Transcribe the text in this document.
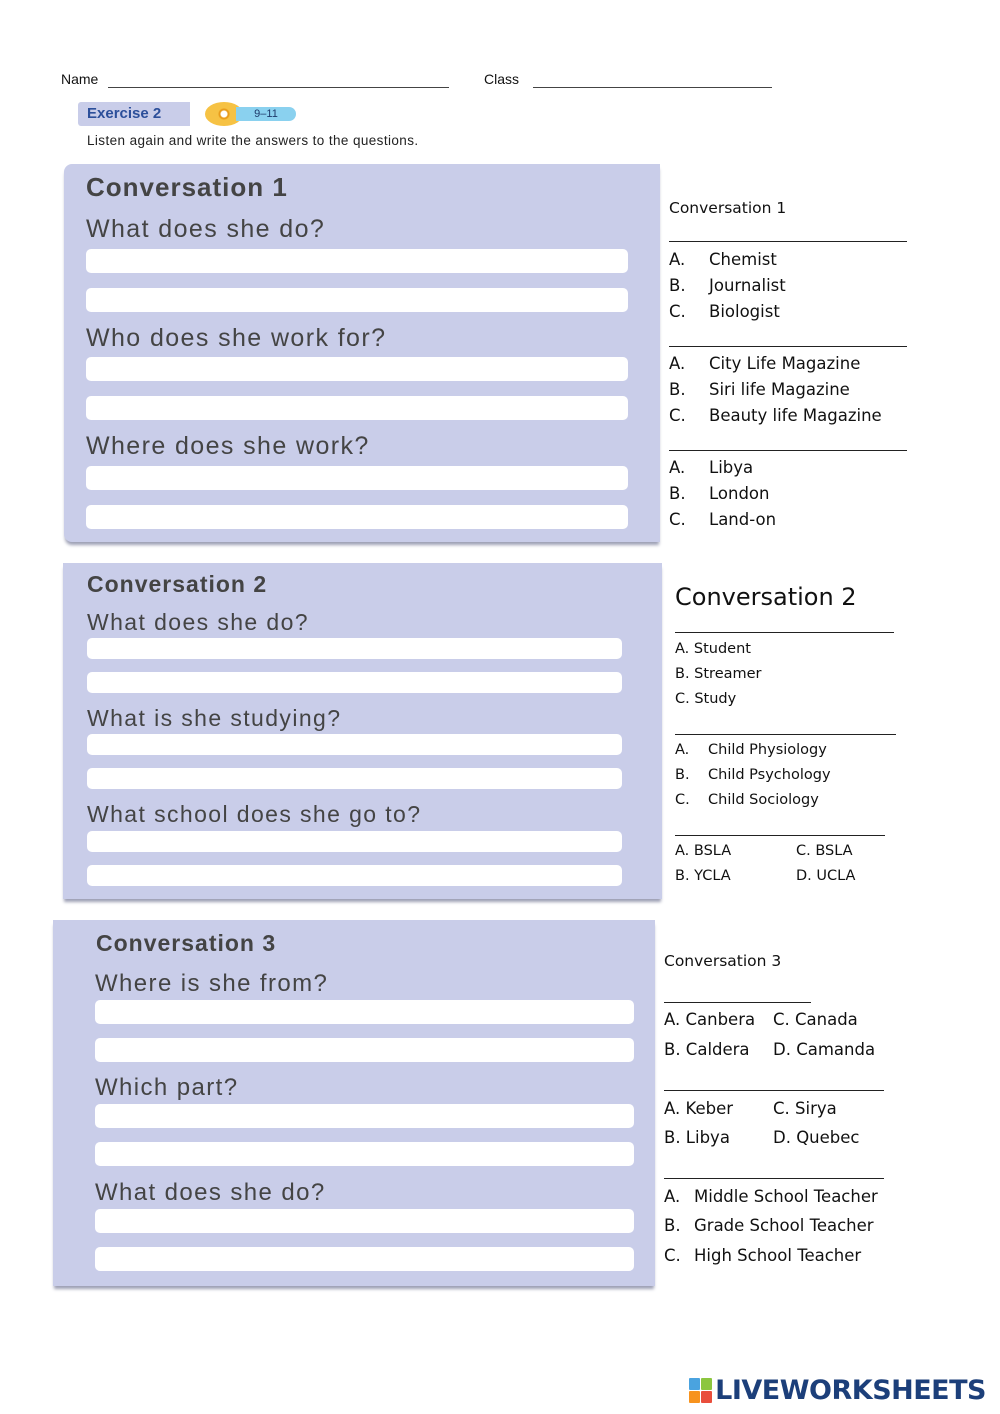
Name	Class
Exercise 2	9–11
Listen again and write the answers to the questions.
Conversation 1
What does she do?
Who does she work for?
Where does she work?
Conversation 2
What does she do?
What is she studying?
What school does she go to?
Conversation 3
Where is she from?
Which part?
What does she do?
Conversation 1
A. Chemist
B. Journalist
C. Biologist
A. City Life Magazine
B. Siri life Magazine
C. Beauty life Magazine
A. Libya
B. London
C. Land-on
Conversation 2
A. Student
B. Streamer
C. Study
A. Child Physiology
B. Child Psychology
C. Child Sociology
A. BSLA	C. BSLA
B. YCLA	D. UCLA
Conversation 3
A. Canbera C. Canada
B. Caldera D. Camanda
A. Keber C. Sirya
B. Libya	D. Quebec
A. Middle School Teacher
B. Grade School Teacher
C. High School Teacher
LIVEWORKSHEETS
